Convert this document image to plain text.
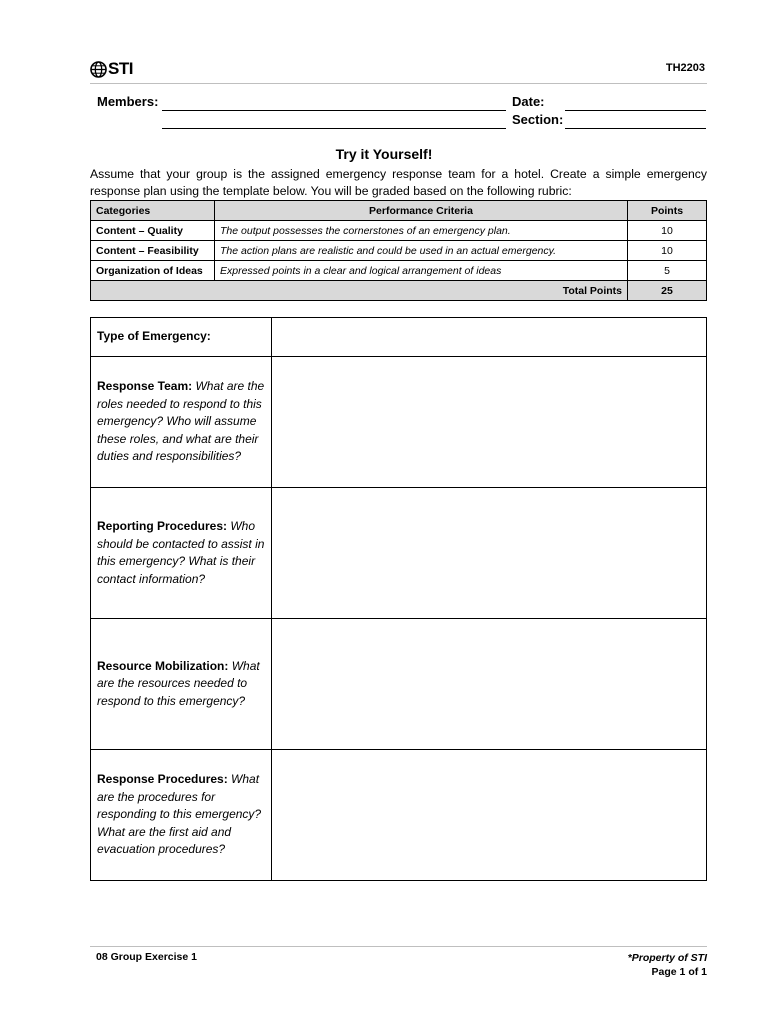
STI	TH2203
Members:	Date:
Section:
Try it Yourself!
Assume that your group is the assigned emergency response team for a hotel. Create a simple emergency response plan using the template below. You will be graded based on the following rubric:
Categories	Performance Criteria	Points
Content – Quality	The output possesses the cornerstones of an emergency plan.	10
Content – Feasibility	The action plans are realistic and could be used in an actual emergency.	10
Organization of Ideas	Expressed points in a clear and logical arrangement of ideas	5
Total Points		25
Type of Emergency:	
Response Team: What are the roles needed to respond to this emergency? Who will assume these roles, and what are their duties and responsibilities?	
Reporting Procedures: Who should be contacted to assist in this emergency? What is their contact information?	
Resource Mobilization: What are the resources needed to respond to this emergency?	
Response Procedures: What are the procedures for responding to this emergency? What are the first aid and evacuation procedures?	
08 Group Exercise 1	*Property of STI
Page 1 of 1
